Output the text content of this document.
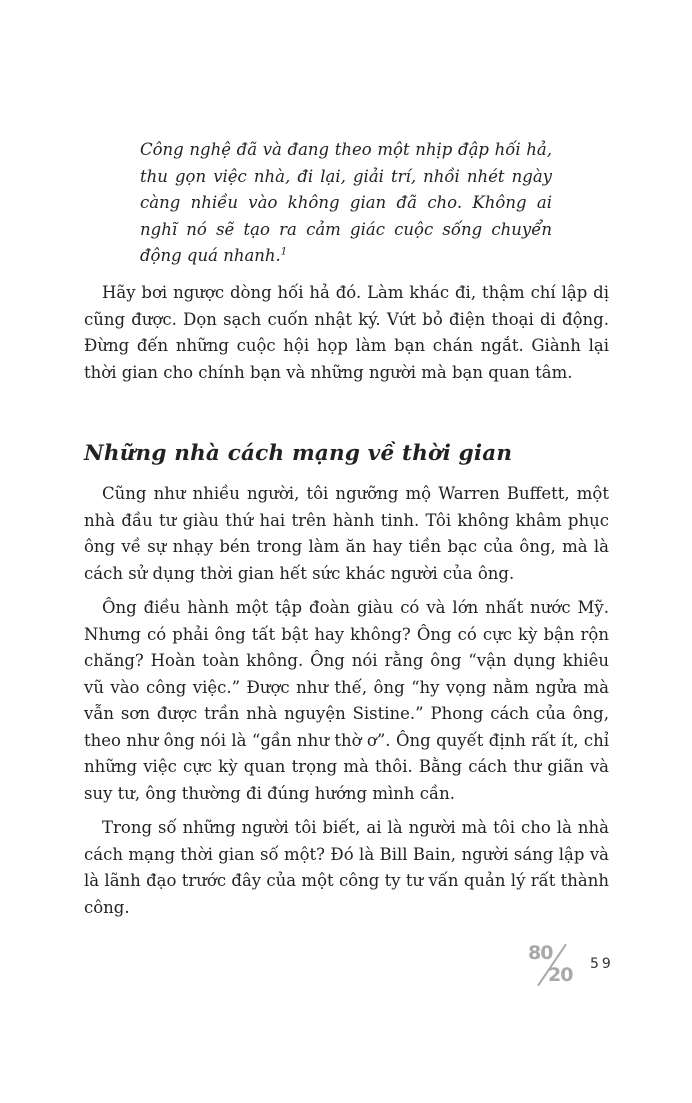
Công nghệ đã và đang theo một nhịp đập hối hả, thu gọn việc nhà, đi lại, giải trí, nhồi nhét ngày càng nhiều vào không gian đã cho. Không ai nghĩ nó sẽ tạo ra cảm giác cuộc sống chuyển động quá nhanh.$^1$

Hãy bơi ngược dòng hối hả đó. Làm khác đi, thậm chí lập dị cũng được. Dọn sạch cuốn nhật ký. Vứt bỏ điện thoại di động. Đừng đến những cuộc hội họp làm bạn chán ngắt. Giành lại thời gian cho chính bạn và những người mà bạn quan tâm.

Những nhà cách mạng về thời gian

Cũng như nhiều người, tôi ngưỡng mộ Warren Buffett, một nhà đầu tư giàu thứ hai trên hành tinh. Tôi không khâm phục ông về sự nhạy bén trong làm ăn hay tiền bạc của ông, mà là cách sử dụng thời gian hết sức khác người của ông.

Ông điều hành một tập đoàn giàu có và lớn nhất nước Mỹ. Nhưng có phải ông tất bật hay không? Ông có cực kỳ bận rộn chăng? Hoàn toàn không. Ông nói rằng ông “vận dụng khiêu vũ vào công việc.” Được như thế, ông “hy vọng nằm ngửa mà vẫn sơn được trần nhà nguyện Sistine.” Phong cách của ông, theo như ông nói là “gần như thờ ơ”. Ông quyết định rất ít, chỉ những việc cực kỳ quan trọng mà thôi. Bằng cách thư giãn và suy tư, ông thường đi đúng hướng mình cần.

Trong số những người tôi biết, ai là người mà tôi cho là nhà cách mạng thời gian số một? Đó là Bill Bain, người sáng lập và là lãnh đạo trước đây của một công ty tư vấn quản lý rất thành công.

80
20 59
